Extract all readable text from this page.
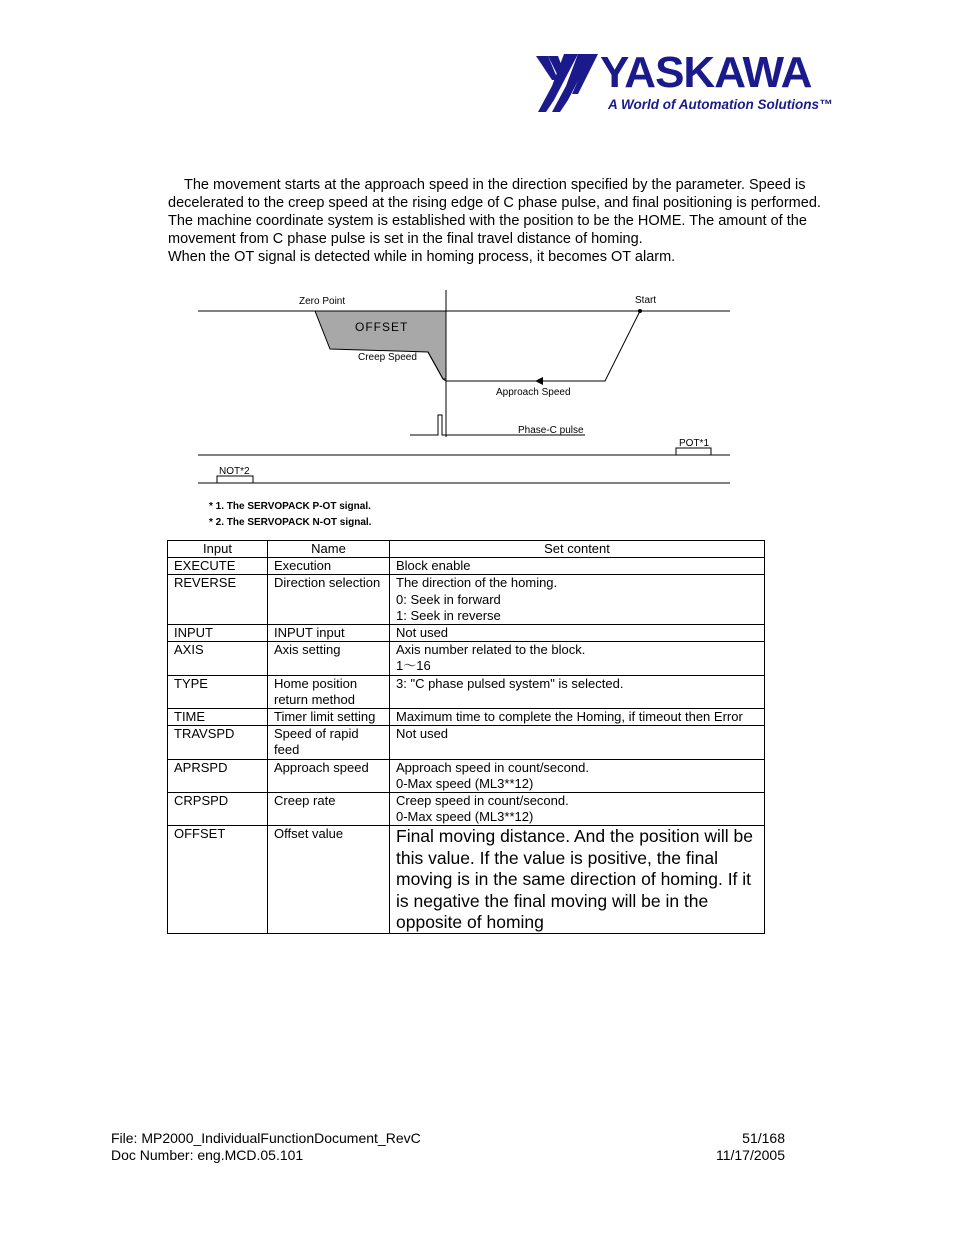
YASKAWA
A World of Automation Solutions™

The movement starts at the approach speed in the direction specified by the parameter. Speed is decelerated to the creep speed at the rising edge of C phase pulse, and final positioning is performed. The machine coordinate system is established with the position to be the HOME. The amount of the movement from C phase pulse is set in the final travel distance of homing.

When the OT signal is detected while in homing process, it becomes OT alarm.

Zero Point	Start
OFFSET
Creep Speed
Approach Speed
Phase-C pulse
POT*1
NOT*2
* 1. The SERVOPACK P-OT signal.
* 2. The SERVOPACK N-OT signal.
Input	Name	Set content
EXECUTE	Execution	Block enable
REVERSE	Direction selection	The direction of the homing.
0: Seek in forward
1: Seek in reverse
INPUT	INPUT input	Not used
AXIS	Axis setting	Axis number related to the block.
1～16
TYPE	Home position return method	3: "C phase pulsed system" is selected.
TIME	Timer limit setting	Maximum time to complete the Homing, if timeout then Error
TRAVSPD	Speed of rapid feed	Not used
APRSPD	Approach speed	Approach speed in count/second.
0-Max speed (ML3**12)
CRPSPD	Creep rate	Creep speed in count/second.
0-Max speed (ML3**12)
OFFSET	Offset value	Final moving distance. And the position will be this value. If the value is positive, the final moving is in the same direction of homing. If it is negative the final moving will be in the opposite of homing
File: MP2000_IndividualFunctionDocument_RevC
Doc Number: eng.MCD.05.101
51/168
11/17/2005
